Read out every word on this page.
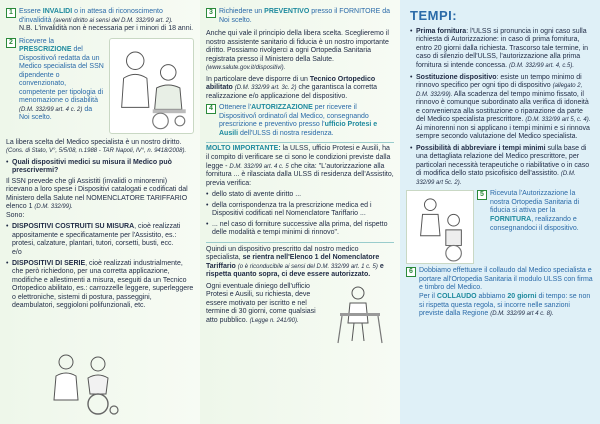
1 Essere INVALIDI o in attesa di riconoscimento d'invalidità (aventi diritto ai sensi del D.M. 332/99 art. 2).
N.B. L'invalidità non è necessaria per i minori di 18 anni.
2 Ricevere la PRESCRIZIONE del Dispositivo/i redatta da un Medico specialista del SSN dipendente o convenzionato, competente per tipologia di menomazione o disabilità (D.M. 332/99 art. 4 c. 2) da Noi scelto.

La libera scelta del Medico specialista è un nostro diritto. (Cons. di Stato, V°, 5/5/08, n.1988 - TAR Napoli, IV°, n. 9418/2008).

• Quali dispositivi medici su misura il Medico può prescrivermi?

Il SSN prevede che gli Assistiti (invalidi o minorenni) ricevano a loro spese i Dispositivi catalogati e codificati dal Ministero della Salute nel NOMENCLATORE TARIFFARIO elenco 1 (D.M. 332/99).
Sono:

• DISPOSITIVI COSTRUITI SU MISURA, cioè realizzati appositamente e specificatamente per l'Assistito, es.: protesi, calzature, plantari, tutori, corsetti, busti, ecc.
e/o
• DISPOSITIVI DI SERIE, cioè realizzati industrialmente, che però richiedono, per una corretta applicazione, modifiche e allestimenti a misura, eseguiti da un Tecnico Ortopedico abilitato, es.: carrozzelle leggere, superleggere o elettroniche, sistemi di postura, passeggini, deambulatori, seggioloni polifunzionali, etc.
3 Richiedere un PREVENTIVO presso il FORNITORE da Noi scelto.

Anche qui vale il principio della libera scelta. Sceglieremo il nostro assistente sanitario di fiducia è un nostro importante diritto. Possiamo rivolgerci a ogni Ortopedia Sanitaria registrata presso il Ministero della Salute. (www.salute.gov.it/dispositivi).

In particolare deve disporre di un Tecnico Ortopedico abilitato (D.M. 332/99 art. 3c. 2) che garantisca la corretta realizzazione e/o applicazione del dispositivo.

4 Ottenere l'AUTORIZZAZIONE per ricevere il Dispositivo/i ordinato/i dal Medico, consegnando prescrizione e preventivo presso l'ufficio Protesi e Ausili dell'ULSS di nostra residenza.

MOLTO IMPORTANTE: la ULSS, ufficio Protesi e Ausili, ha il compito di verificare se ci sono le condizioni previste dalla legge - D.M. 332/99 art. 4 c. 5 che cita: "L'autorizzazione alla fornitura ... è rilasciata dalla ULSS di residenza dell'Assistito, previa verifica:

• dello stato di avente diritto ...
• della corrispondenza tra la prescrizione medica ed i Dispositivi codificati nel Nomenclatore Tariffario ...
• ... nel caso di forniture successive alla prima, del rispetto delle modalità e tempi minimi di rinnovo".

Quindi un dispositivo prescritto dal nostro medico specialista, se rientra nell'Elenco 1 del Nomenclatore Tariffario (o è riconducibile ai sensi del D.M. 332/99 art. 1 c. 5) e rispetta quanto sopra, ci deve essere autorizzato.

Ogni eventuale diniego dell'ufficio Protesi e Ausili, su richiesta, deve essere motivato per iscritto e nel termine di 30 giorni, come qualsiasi atto pubblico. (Legge n. 241/90).

TEMPI:
• Prima fornitura: l'ULSS si pronuncia in ogni caso sulla richiesta di Autorizzazione: in caso di prima fornitura, entro 20 giorni dalla richiesta. Trascorso tale termine, in caso di silenzio dell'ULSS, l'autorizzazione alla prima fornitura si intende concessa. (D.M. 332/99 art. 4, c.5).
• Sostituzione dispositivo: esiste un tempo minimo di rinnovo specifico per ogni tipo di dispositivo (allegato 2, D.M. 332/99). Alla scadenza del tempo minimo fissato, il rinnovo è comunque subordinato alla verifica di idoneità e convenienza alla sostituzione o riparazione da parte del Medico specialista prescrittore. (D.M. 332/99 art 5, c. 4). Ai minorenni non si applicano i tempi minimi e si rinnova sempre secondo valutazione del Medico specialista.
• Possibilità di abbreviare i tempi minimi sulla base di una dettagliata relazione del Medico prescrittore, per particolari necessità terapeutiche o riabilitative o in caso di modifica dello stato psicofisico dell'assistito. (D.M. 332/99 art 5c. 2).
5 Ricevuta l'Autorizzazione la nostra Ortopedia Sanitaria di fiducia si attiva per la FORNITURA, realizzando e consegnandoci il dispositivo.
6 Dobbiamo effettuare il collaudo dal Medico specialista e portare all'Ortopedia Sanitaria il modulo ULSS con firma e timbro del Medico.
Per il COLLAUDO abbiamo 20 giorni di tempo: se non si rispetta questa regola, si incorre nelle sanzioni previste dalla Regione (D.M. 332/99 art 4 c. 8).
